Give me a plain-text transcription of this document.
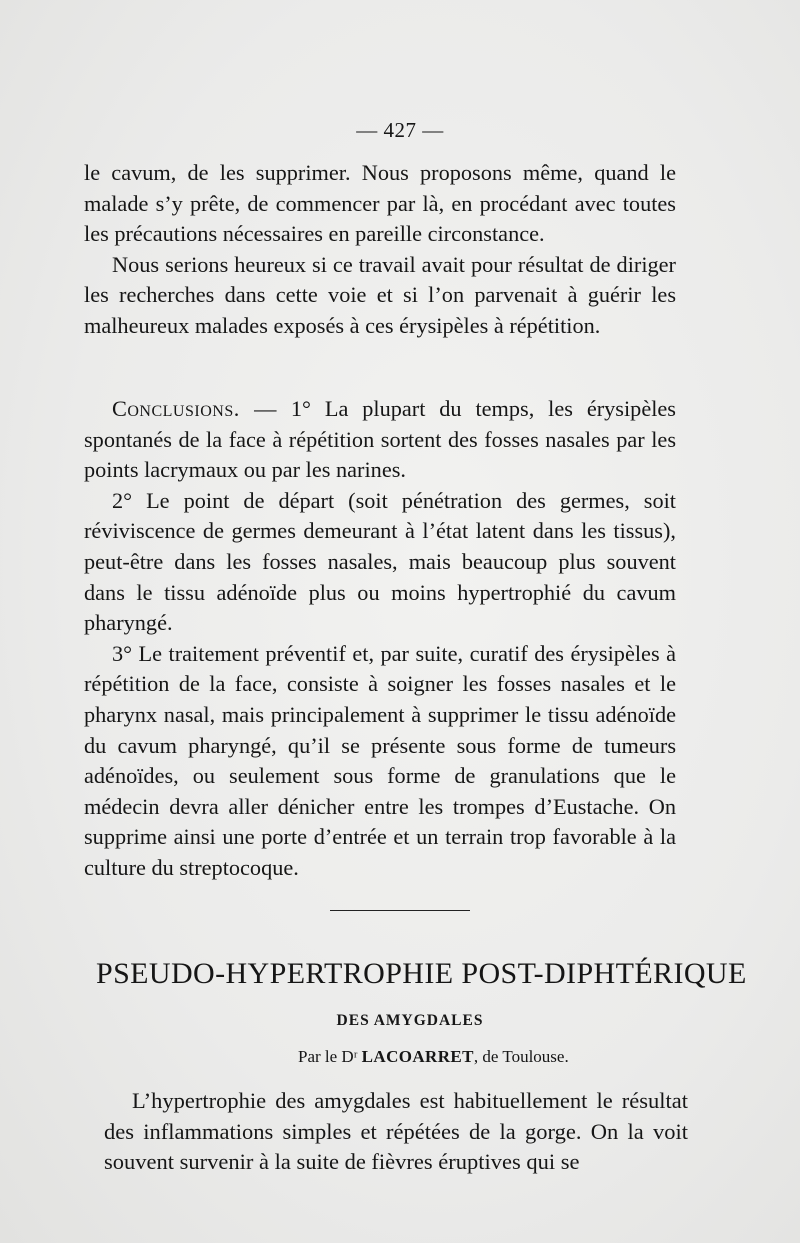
— 427 —

le cavum, de les supprimer. Nous proposons même, quand le malade s’y prête, de commencer par là, en procédant avec toutes les précautions nécessaires en pareille circonstance.

Nous serions heureux si ce travail avait pour résultat de diriger les recherches dans cette voie et si l’on parvenait à guérir les malheureux malades exposés à ces érysipèles à répétition.

Conclusions. — 1° La plupart du temps, les érysipèles spontanés de la face à répétition sortent des fosses nasales par les points lacrymaux ou par les narines.

2° Le point de départ (soit pénétration des germes, soit réviviscence de germes demeurant à l’état latent dans les tissus), peut-être dans les fosses nasales, mais beaucoup plus souvent dans le tissu adénoïde plus ou moins hypertrophié du cavum pharyngé.

3° Le traitement préventif et, par suite, curatif des érysipèles à répétition de la face, consiste à soigner les fosses nasales et le pharynx nasal, mais principalement à supprimer le tissu adénoïde du cavum pharyngé, qu’il se présente sous forme de tumeurs adénoïdes, ou seulement sous forme de granulations que le médecin devra aller dénicher entre les trompes d’Eustache. On supprime ainsi une porte d’entrée et un terrain trop favorable à la culture du streptocoque.

PSEUDO-HYPERTROPHIE POST-DIPHTÉRIQUE
DES AMYGDALES
Par le Dʳ LACOARRET, de Toulouse.

L’hypertrophie des amygdales est habituellement le résultat des inflammations simples et répétées de la gorge. On la voit souvent survenir à la suite de fièvres éruptives qui se
